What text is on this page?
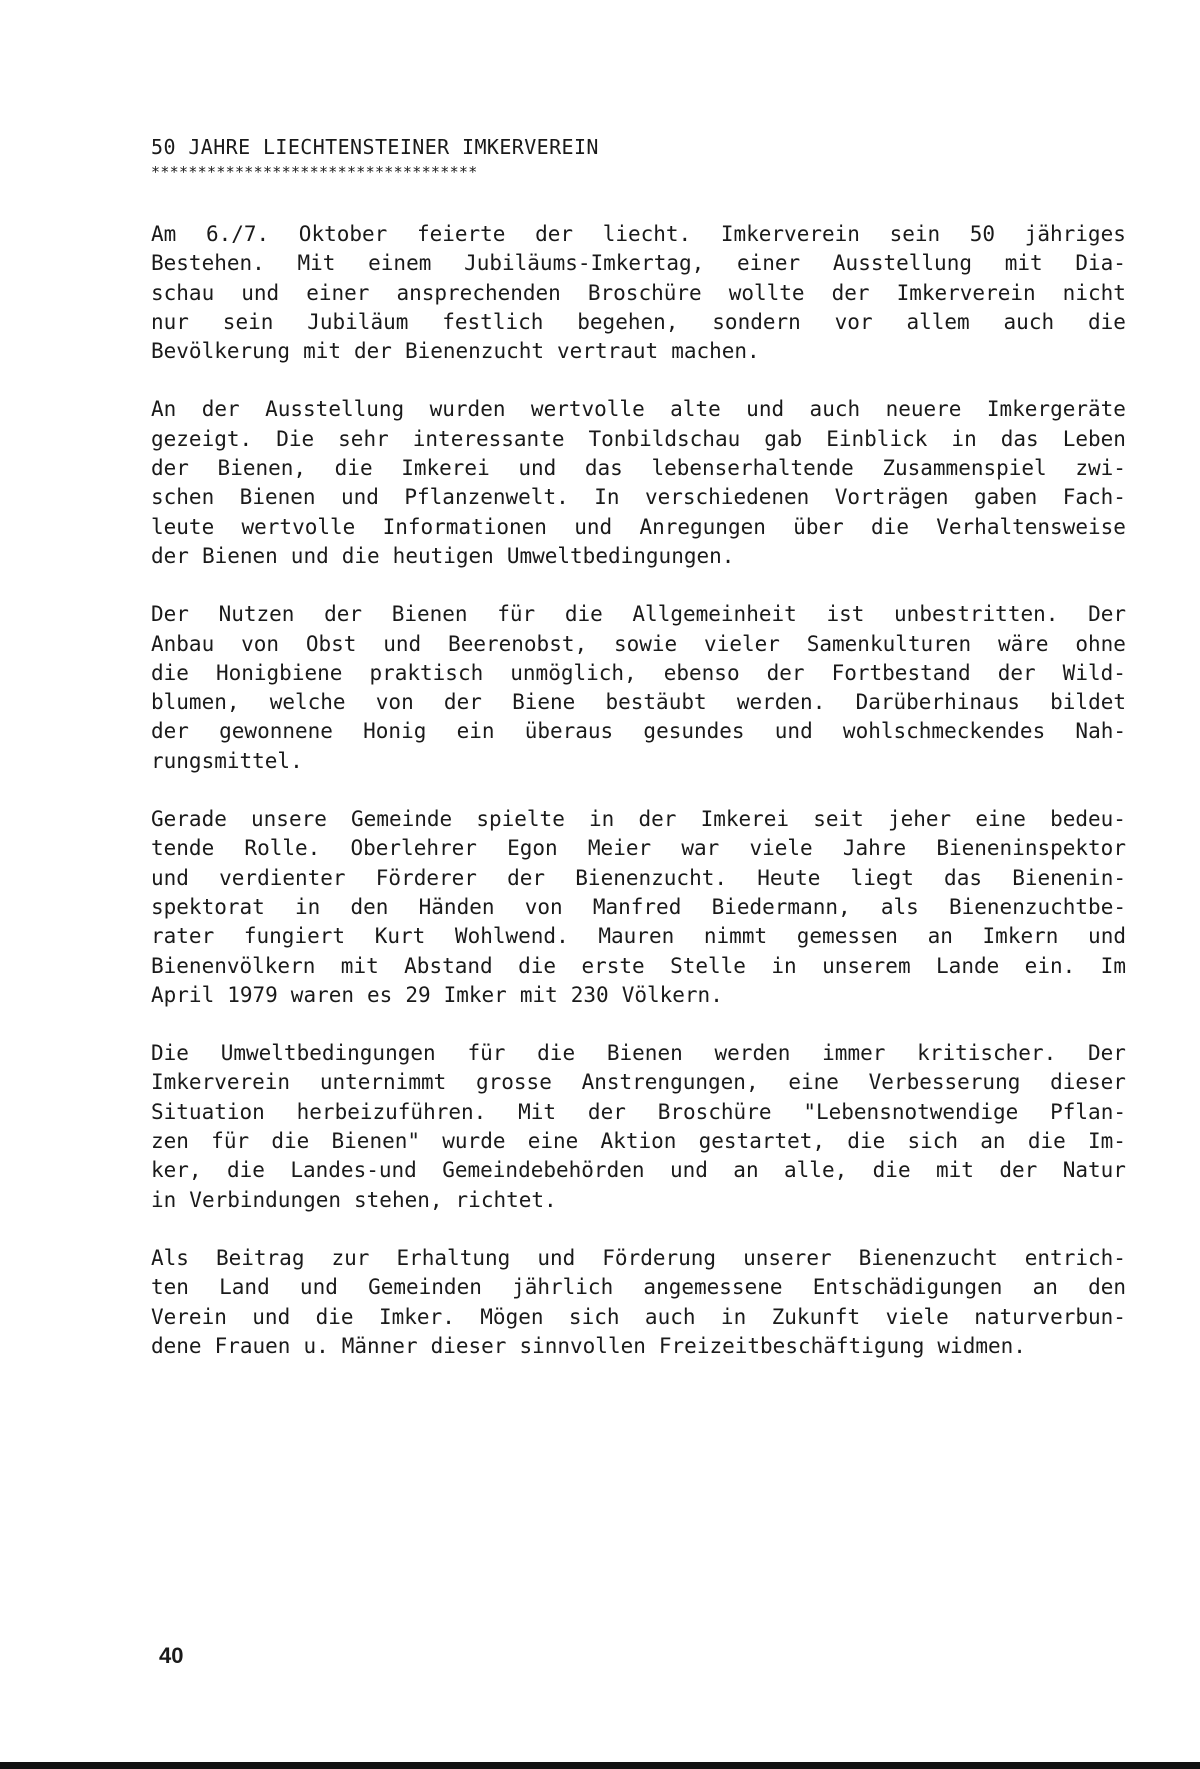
50 JAHRE LIECHTENSTEINER IMKERVEREIN
***********************************
Am 6./7. Oktober feierte der liecht. Imkerverein sein 50 jähriges
Bestehen. Mit einem Jubiläums-Imkertag, einer Ausstellung mit Dia-
schau und einer ansprechenden Broschüre wollte der Imkerverein nicht
nur sein Jubiläum festlich begehen, sondern vor allem auch die
Bevölkerung mit der Bienenzucht vertraut machen.
An der Ausstellung wurden wertvolle alte und auch neuere Imkergeräte
gezeigt. Die sehr interessante Tonbildschau gab Einblick in das Leben
der Bienen, die Imkerei und das lebenserhaltende Zusammenspiel zwi-
schen Bienen und Pflanzenwelt. In verschiedenen Vorträgen gaben Fach-
leute wertvolle Informationen und Anregungen über die Verhaltensweise
der Bienen und die heutigen Umweltbedingungen.
Der Nutzen der Bienen für die Allgemeinheit ist unbestritten. Der
Anbau von Obst und Beerenobst, sowie vieler Samenkulturen wäre ohne
die Honigbiene praktisch unmöglich, ebenso der Fortbestand der Wild-
blumen, welche von der Biene bestäubt werden. Darüberhinaus bildet
der gewonnene Honig ein überaus gesundes und wohlschmeckendes Nah-
rungsmittel.
Gerade unsere Gemeinde spielte in der Imkerei seit jeher eine bedeu-
tende Rolle. Oberlehrer Egon Meier war viele Jahre Bieneninspektor
und verdienter Förderer der Bienenzucht. Heute liegt das Bienenin-
spektorat in den Händen von Manfred Biedermann, als Bienenzuchtbe-
rater fungiert Kurt Wohlwend. Mauren nimmt gemessen an Imkern und
Bienenvölkern mit Abstand die erste Stelle in unserem Lande ein. Im
April 1979 waren es 29 Imker mit 230 Völkern.
Die Umweltbedingungen für die Bienen werden immer kritischer. Der
Imkerverein unternimmt grosse Anstrengungen, eine Verbesserung dieser
Situation herbeizuführen. Mit der Broschüre "Lebensnotwendige Pflan-
zen für die Bienen" wurde eine Aktion gestartet, die sich an die Im-
ker, die Landes-und Gemeindebehörden und an alle, die mit der Natur
in Verbindungen stehen, richtet.
Als Beitrag zur Erhaltung und Förderung unserer Bienenzucht entrich-
ten Land und Gemeinden jährlich angemessene Entschädigungen an den
Verein und die Imker. Mögen sich auch in Zukunft viele naturverbun-
dene Frauen u. Männer dieser sinnvollen Freizeitbeschäftigung widmen.
40
